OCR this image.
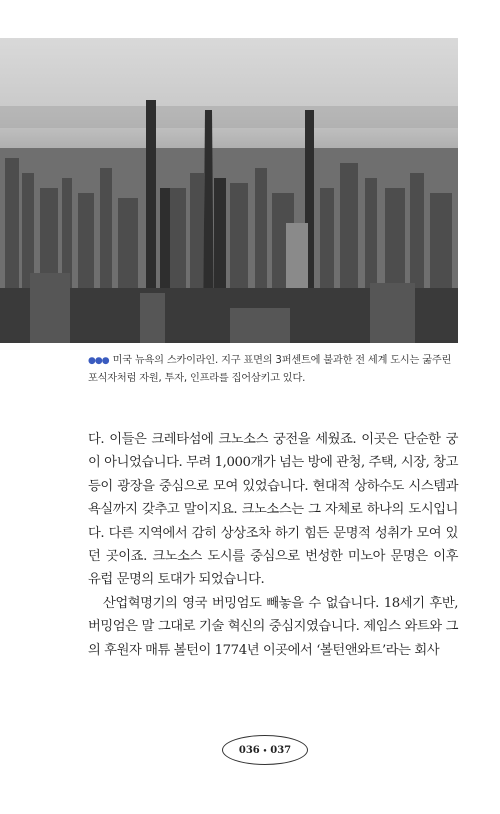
●●● 미국 뉴욕의 스카이라인. 지구 표면의 3퍼센트에 불과한 전 세계 도시는 굶주린 포식자처럼 자원, 투자, 인프라를 집어삼키고 있다.

다. 이들은 크레타섬에 크노소스 궁전을 세웠죠. 이곳은 단순한 궁이 아니었습니다. 무려 1,000개가 넘는 방에 관청, 주택, 시장, 창고 등이 광장을 중심으로 모여 있었습니다. 현대적 상하수도 시스템과 욕실까지 갖추고 말이지요. 크노소스는 그 자체로 하나의 도시입니다. 다른 지역에서 감히 상상조차 하기 힘든 문명적 성취가 모여 있던 곳이죠. 크노소스 도시를 중심으로 번성한 미노아 문명은 이후 유럽 문명의 토대가 되었습니다.

산업혁명기의 영국 버밍엄도 빼놓을 수 없습니다. 18세기 후반, 버밍엄은 말 그대로 기술 혁신의 중심지였습니다. 제임스 와트와 그의 후원자 매튜 볼턴이 1774년 이곳에서 ‘볼턴앤와트’라는 회사

036 • 037
